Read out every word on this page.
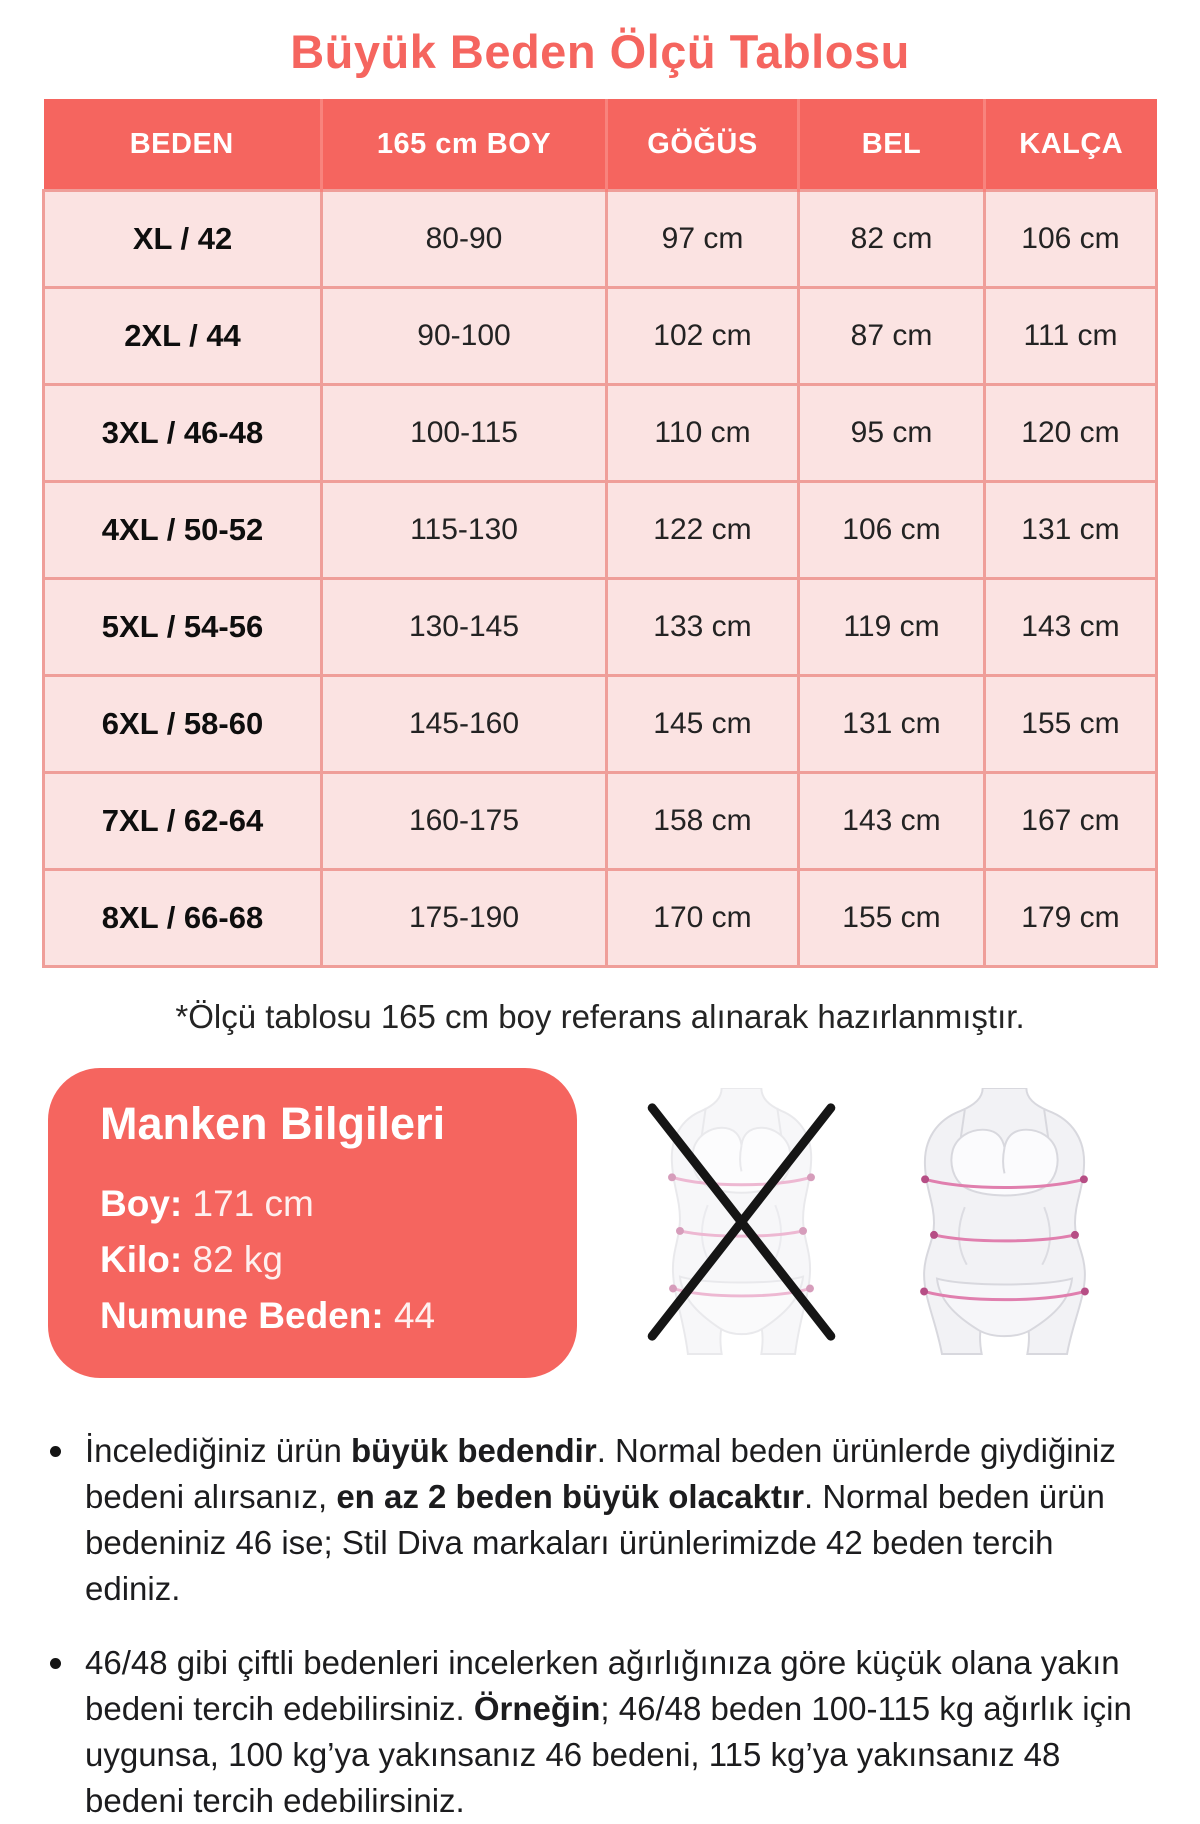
Büyük Beden Ölçü Tablosu
BEDEN	165 cm BOY	GÖĞÜS	BEL	KALÇA
XL / 42	80-90	97 cm	82 cm	106 cm
2XL / 44	90-100	102 cm	87 cm	111 cm
3XL / 46-48	100-115	110 cm	95 cm	120 cm
4XL / 50-52	115-130	122 cm	106 cm	131 cm
5XL / 54-56	130-145	133 cm	119 cm	143 cm
6XL / 58-60	145-160	145 cm	131 cm	155 cm
7XL / 62-64	160-175	158 cm	143 cm	167 cm
8XL / 66-68	175-190	170 cm	155 cm	179 cm

*Ölçü tablosu 165 cm boy referans alınarak hazırlanmıştır.

Manken Bilgileri

Boy: 171 cm

Kilo: 82 kg

Numune Beden: 44

İncelediğiniz ürün büyük bedendir. Normal beden ürünlerde giydiğiniz bedeni alırsanız, en az 2 beden büyük olacaktır. Normal beden ürün bedeniniz 46 ise; Stil Diva markaları ürünlerimizde 42 beden tercih ediniz.
46/48 gibi çiftli bedenleri incelerken ağırlığınıza göre küçük olana yakın bedeni tercih edebilirsiniz. Örneğin; 46/48 beden 100-115 kg ağırlık için uygunsa, 100 kg’ya yakınsanız 46 bedeni, 115 kg’ya yakınsanız 48 bedeni tercih edebilirsiniz.
